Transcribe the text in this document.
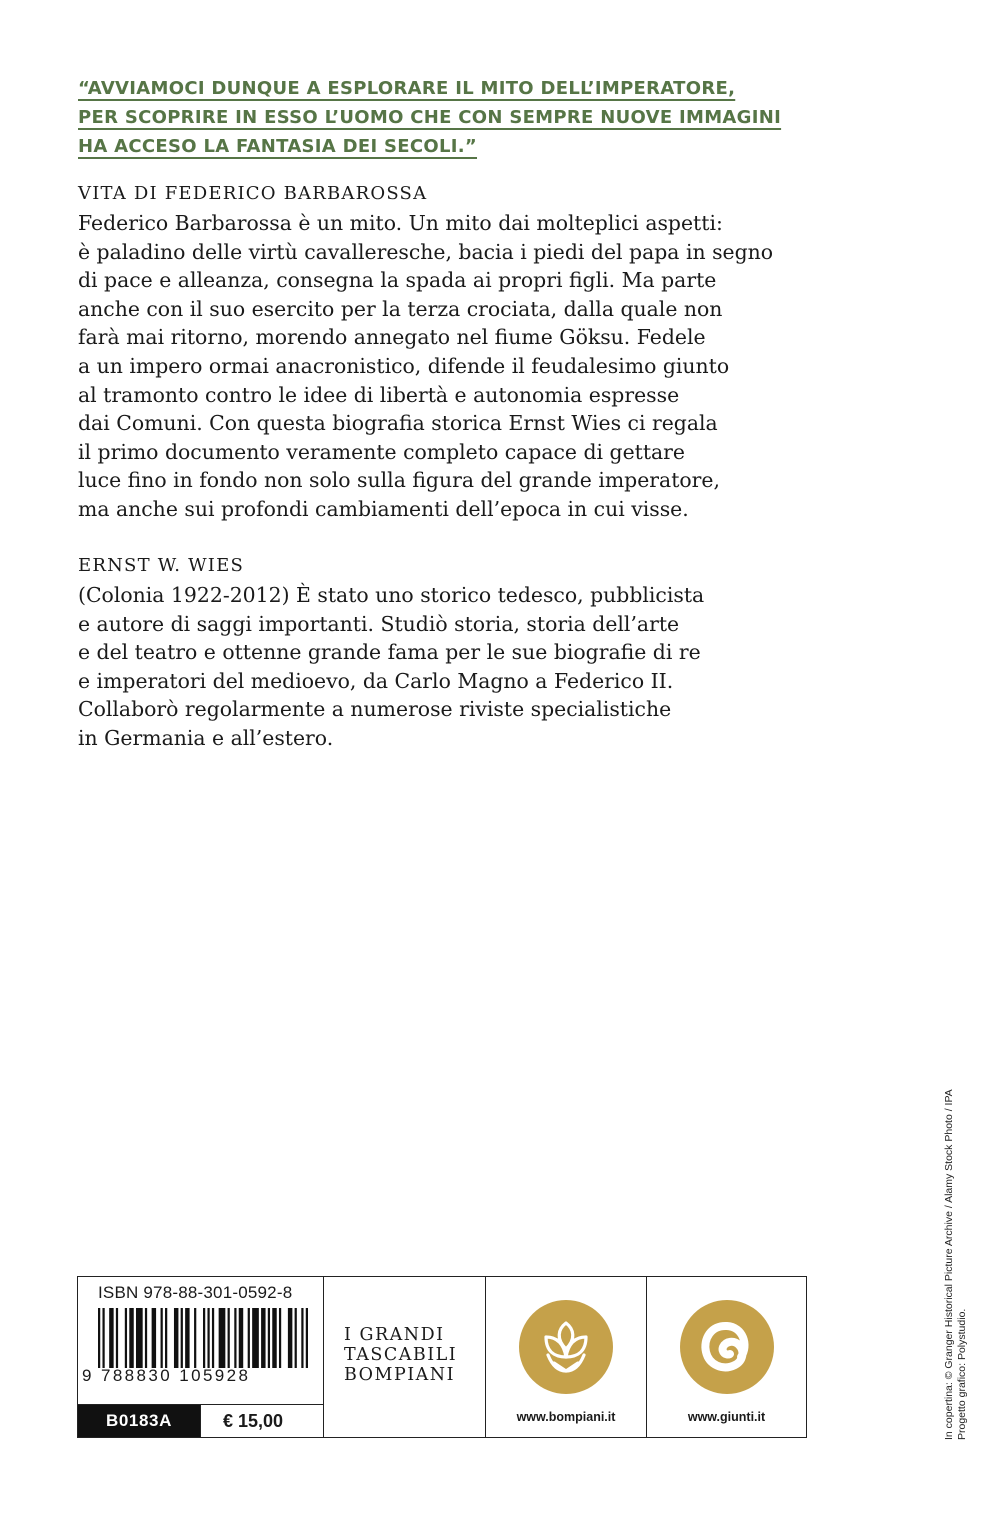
“AVVIAMOCI DUNQUE A ESPLORARE IL MITO DELL’IMPERATORE,
PER SCOPRIRE IN ESSO L’UOMO CHE CON SEMPRE NUOVE IMMAGINI
HA ACCESO LA FANTASIA DEI SECOLI.”

VITA DI FEDERICO BARBAROSSA

Federico Barbarossa è un mito. Un mito dai molteplici aspetti:
è paladino delle virtù cavalleresche, bacia i piedi del papa in segno
di pace e alleanza, consegna la spada ai propri figli. Ma parte
anche con il suo esercito per la terza crociata, dalla quale non
farà mai ritorno, morendo annegato nel fiume Göksu. Fedele
a un impero ormai anacronistico, difende il feudalesimo giunto
al tramonto contro le idee di libertà e autonomia espresse
dai Comuni. Con questa biografia storica Ernst Wies ci regala
il primo documento veramente completo capace di gettare
luce fino in fondo non solo sulla figura del grande imperatore,
ma anche sui profondi cambiamenti dell’epoca in cui visse.

ERNST W. WIES

(Colonia 1922-2012) È stato uno storico tedesco, pubblicista
e autore di saggi importanti. Studiò storia, storia dell’arte
e del teatro e ottenne grande fama per le sue biografie di re
e imperatori del medioevo, da Carlo Magno a Federico II.
Collaborò regolarmente a numerose riviste specialistiche
in Germania e all’estero.

In copertina: © Granger Historical Picture Archive / Alamy Stock Photo / IPA Progetto grafico: Polystudio.
ISBN 978-88-301-0592-8
9 788830 105928
B0183A	€ 15,00
I GRANDI
TASCABILI
BOMPIANI
www.bompiani.it	www.giunti.it
